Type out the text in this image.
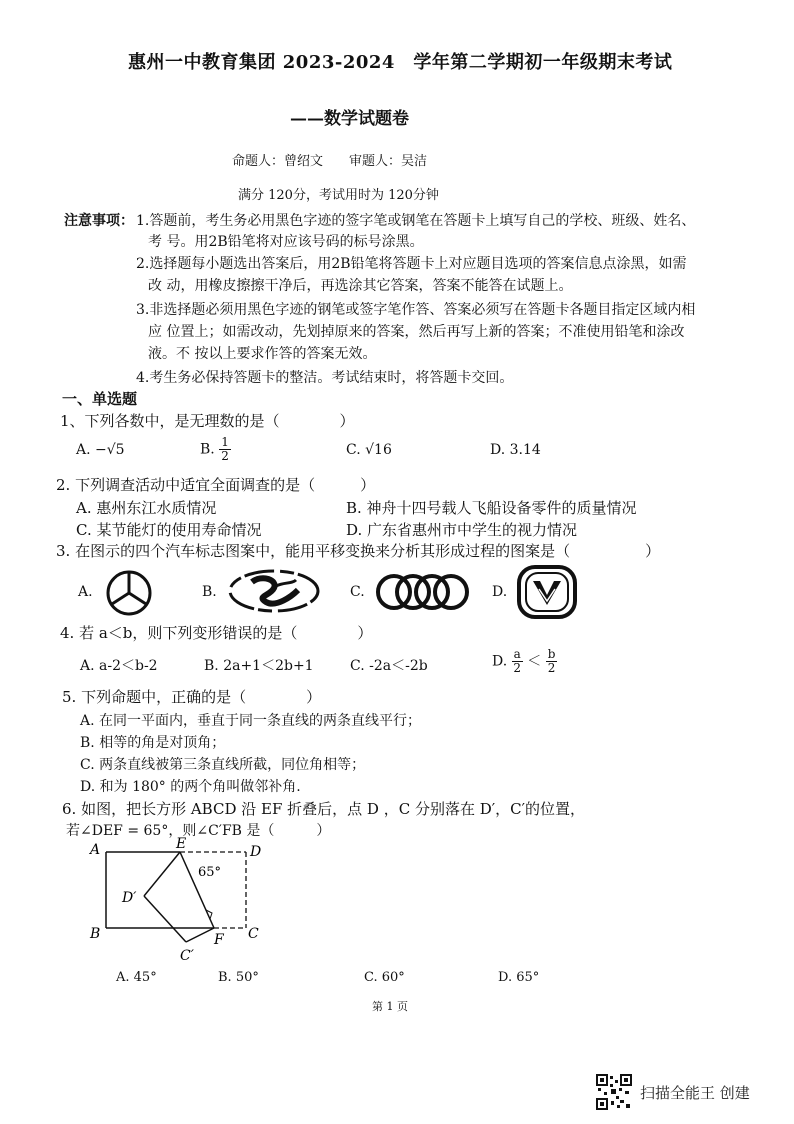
惠州一中教育集团 2023-2024　学年第二学期初一年级期末考试
——数学试题卷
命题人：曾绍文　　审题人：吴洁
满分 120分，考试用时为 120分钟
注意事项： 1.答题前，考生务必用黑色字迹的签字笔或钢笔在答题卡上填写自己的学校、班级、姓名、
考 号。用2B铅笔将对应该号码的标号涂黑。
2.选择题每小题选出答案后，用2B铅笔将答题卡上对应题目选项的答案信息点涂黑，如需
改 动，用橡皮擦擦干净后，再选涂其它答案，答案不能答在试题上。
3.非选择题必须用黑色字迹的钢笔或签字笔作答、答案必须写在答题卡各题目指定区域内相
应 位置上；如需改动，先划掉原来的答案，然后再写上新的答案；不准使用铅笔和涂改
液。不 按以上要求作答的答案无效。
4.考生务必保持答题卡的整洁。考试结束时，将答题卡交回。
一、单选题
1、下列各数中，是无理数的是（　　　　）
A. −√5	B. $\frac{1}{2}$	C. √16	D. 3.14
2. 下列调查活动中适宜全面调查的是（　　　）
A. 惠州东江水质情况	B. 神舟十四号载人飞船设备零件的质量情况
C. 某节能灯的使用寿命情况	D. 广东省惠州市中学生的视力情况
3. 在图示的四个汽车标志图案中，能用平移变换来分析其形成过程的图案是（　　　　　）
A.	B.	C.	D.
4. 若 a＜b，则下列变形错误的是（　　　　）
A. a-2＜b-2	B. 2a+1＜2b+1	C. -2a＜-2b	D. $\frac{a}{2} < \frac{b}{2}$
5. 下列命题中，正确的是（　　　　）
A. 在同一平面内，垂直于同一条直线的两条直线平行；
B. 相等的角是对顶角；
C. 两条直线被第三条直线所截，同位角相等；
D. 和为 180° 的两个角叫做邻补角.
6. 如图，把长方形 ABCD 沿 EF 折叠后，点 D ，C 分别落在 D′，C′的位置，
若∠DEF = 65°，则∠C′FB 是（　　　）
A	E	D
65°
D′
B	F C
C′
A. 45°	B. 50°	C. 60°	D. 65°
第 1 页
扫描全能王 创建
